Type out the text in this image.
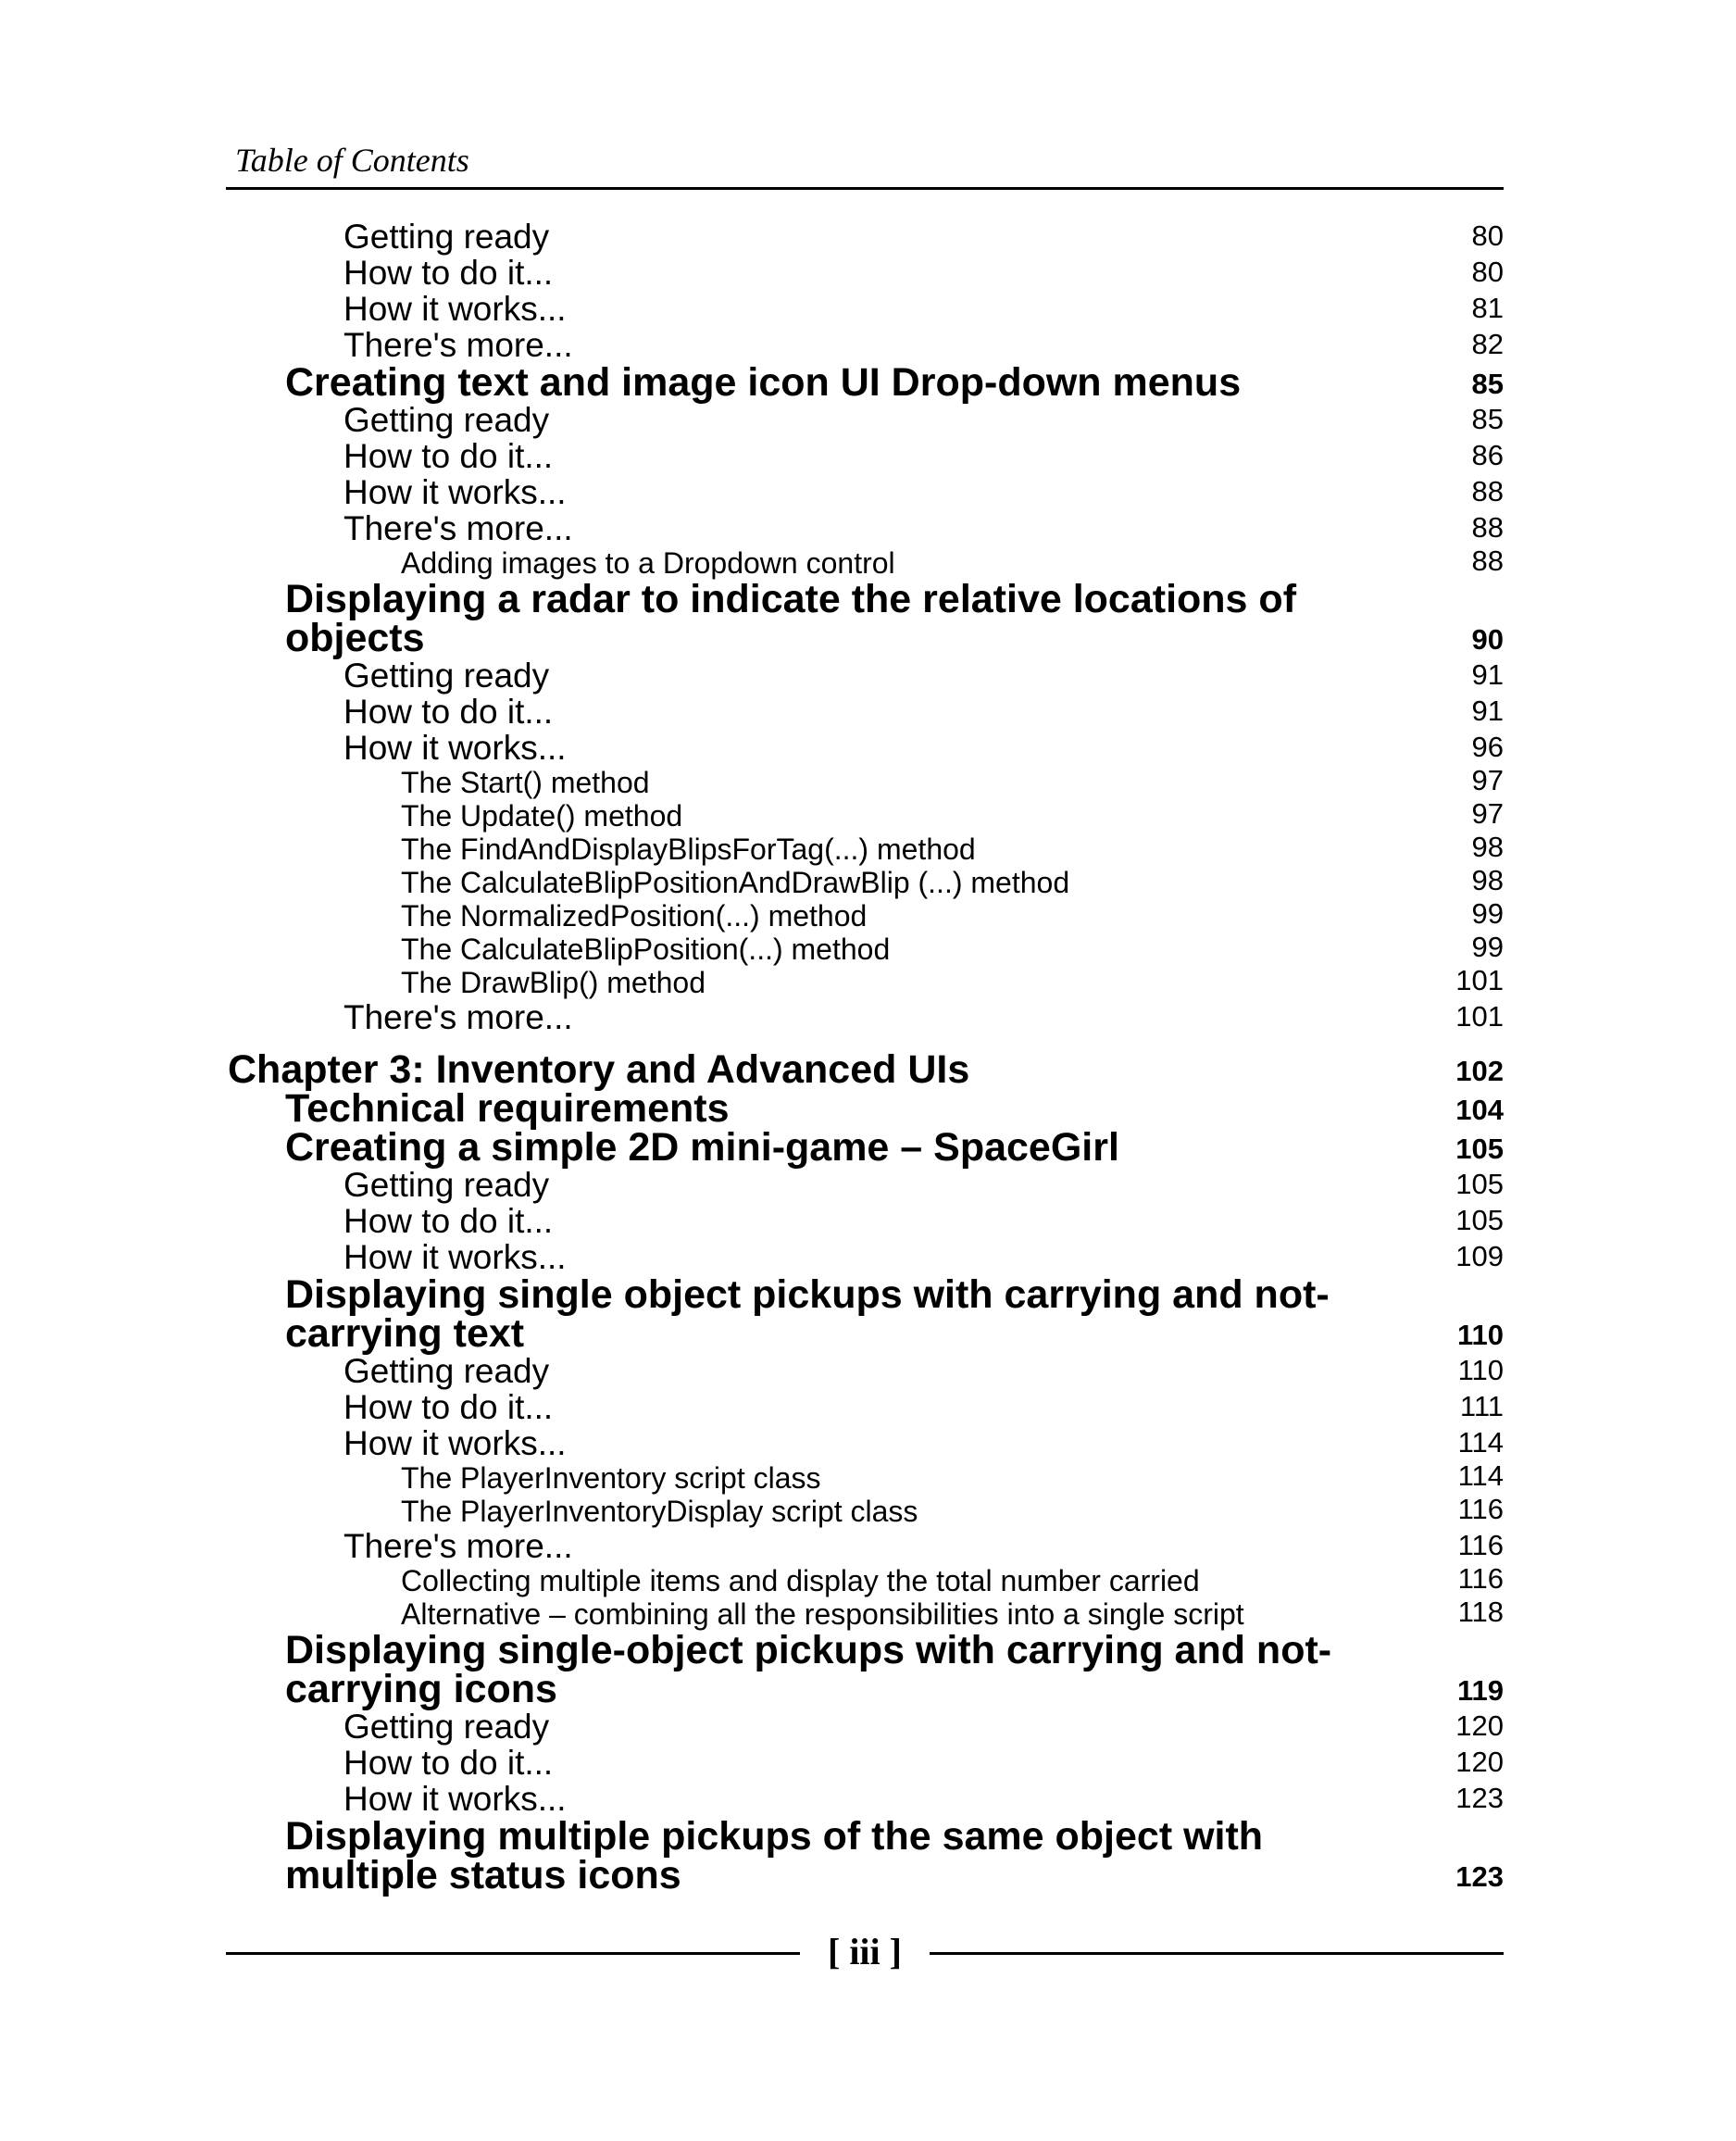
Table of Contents
Getting ready	80
How to do it...	80
How it works...	81
There's more...	82
Creating text and image icon UI Drop-down menus	85
Getting ready	85
How to do it...	86
How it works...	88
There's more...	88
Adding images to a Dropdown control	88
Displaying a radar to indicate the relative locations of objects	90
Getting ready	91
How to do it...	91
How it works...	96
The Start() method	97
The Update() method	97
The FindAndDisplayBlipsForTag(...) method	98
The CalculateBlipPositionAndDrawBlip (...) method	98
The NormalizedPosition(...) method	99
The CalculateBlipPosition(...) method	99
The DrawBlip() method	101
There's more...	101
Chapter 3: Inventory and Advanced UIs	102
Technical requirements	104
Creating a simple 2D mini-game – SpaceGirl	105
Getting ready	105
How to do it...	105
How it works...	109
Displaying single object pickups with carrying and not-carrying text	110
Getting ready	110
How to do it...	111
How it works...	114
The PlayerInventory script class	114
The PlayerInventoryDisplay script class	116
There's more...	116
Collecting multiple items and display the total number carried	116
Alternative – combining all the responsibilities into a single script	118
Displaying single-object pickups with carrying and not-carrying icons	119
Getting ready	120
How to do it...	120
How it works...	123
Displaying multiple pickups of the same object with multiple status icons	123
[ iii ]
